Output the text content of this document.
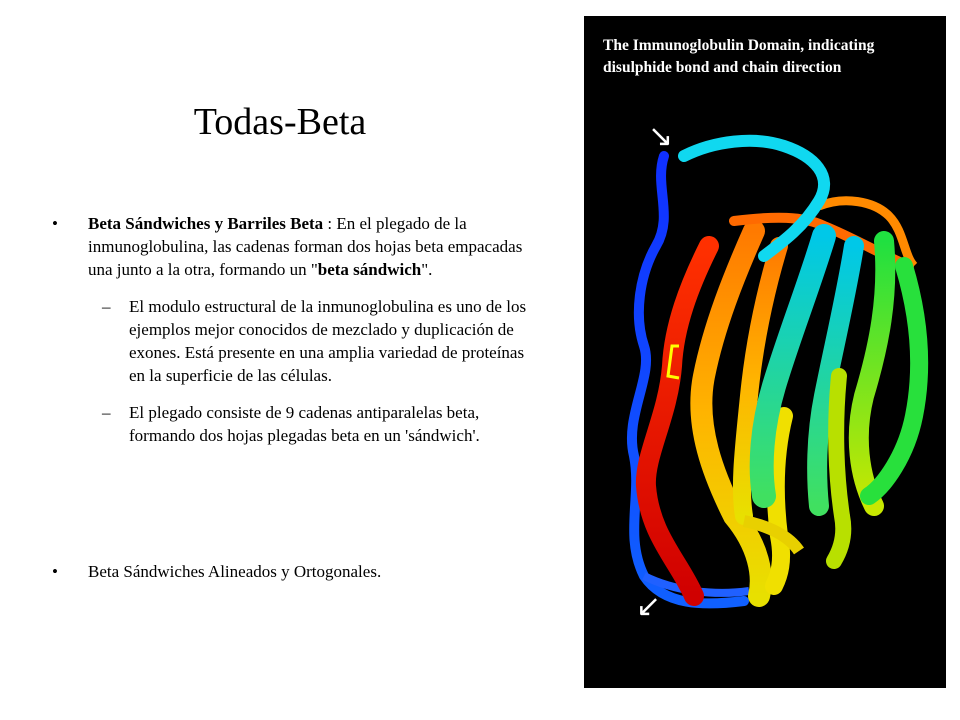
Todas-Beta
• Beta Sándwiches y Barriles Beta : En el plegado de la inmunoglobulina, las cadenas forman dos hojas beta empacadas una junto a la otra, formando un "beta sándwich".
– El modulo estructural de la inmunoglobulina es uno de los ejemplos mejor conocidos de mezclado y duplicación de exones. Está presente en una amplia variedad de proteínas en la superficie de las células.
– El plegado consiste de 9 cadenas antiparalelas beta, formando dos hojas plegadas beta en un 'sándwich'.
• Beta Sándwiches Alineados y Ortogonales.
↘
↙
The Immunoglobulin Domain, indicating
disulphide bond and chain direction
